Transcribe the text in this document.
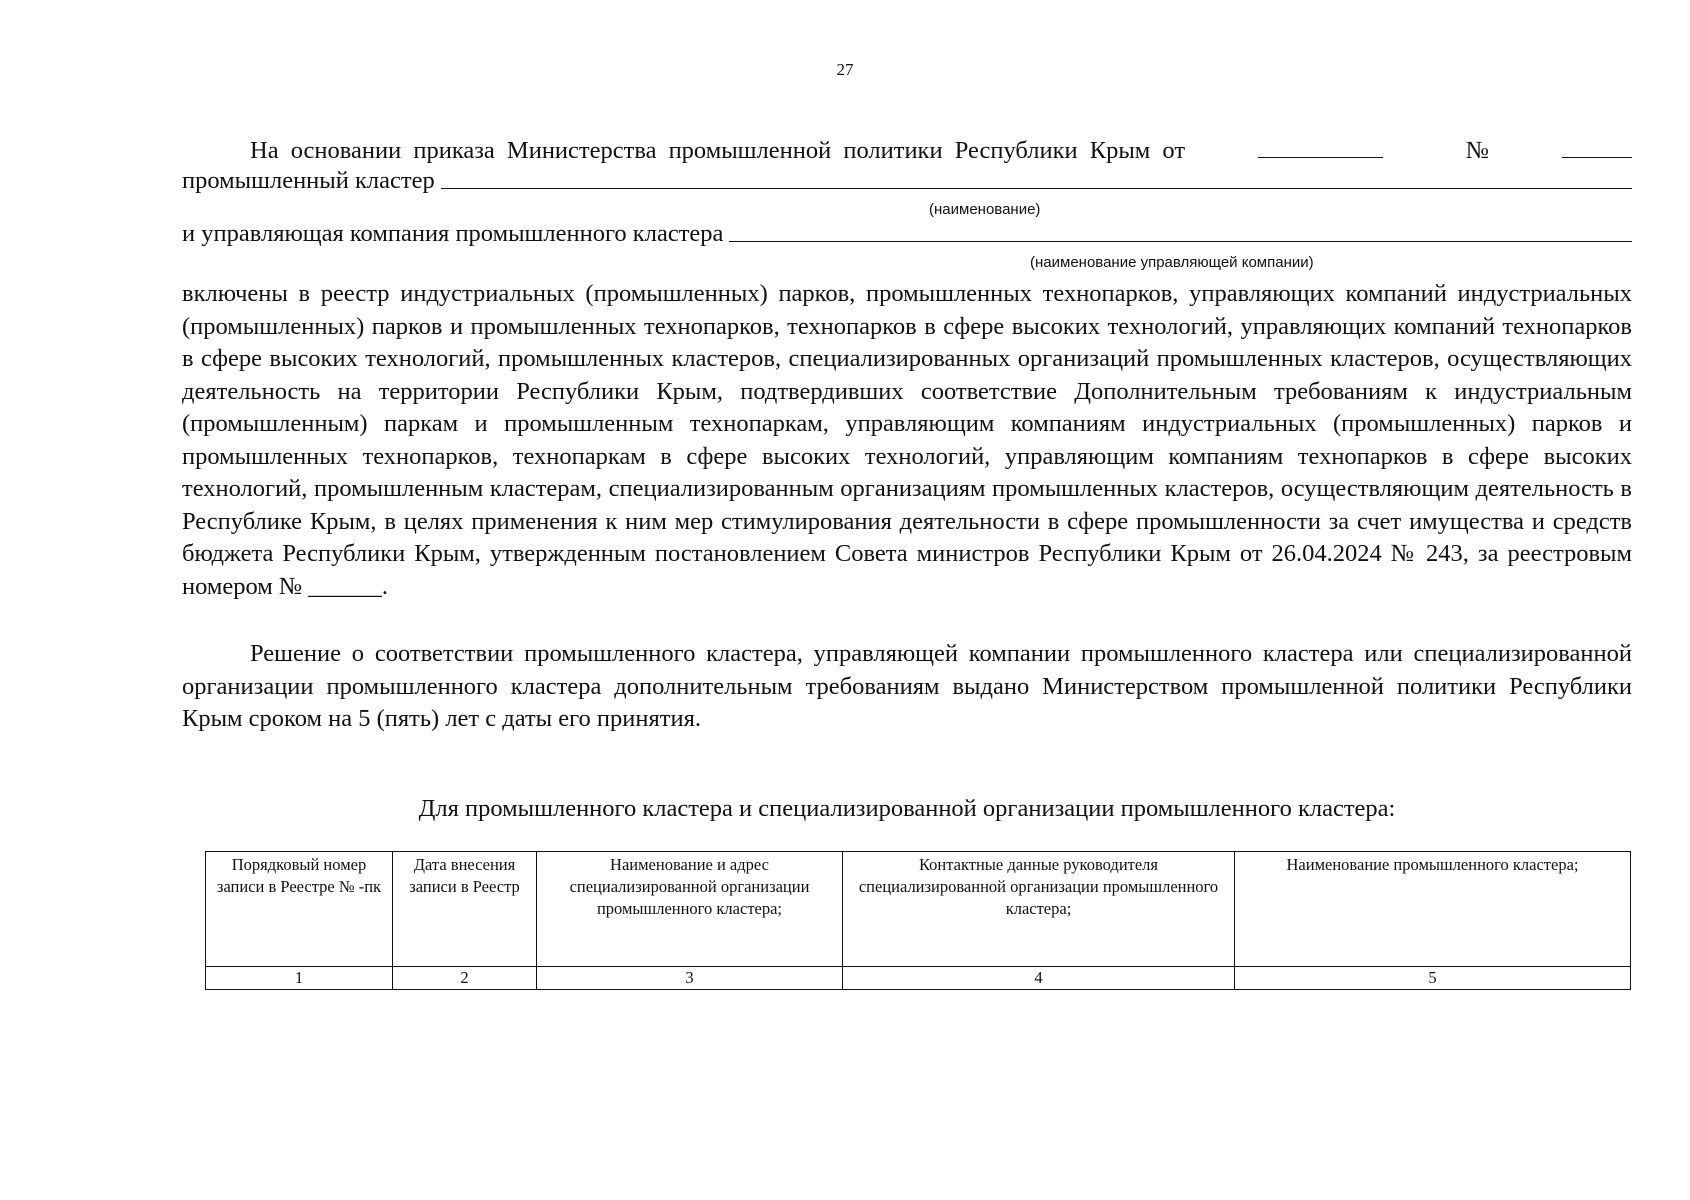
27
На основании приказа Министерства промышленной политики Республики Крым от	№
промышленный кластер
(наименование)
и управляющая компания промышленного кластера
(наименование управляющей компании)
включены в реестр индустриальных (промышленных) парков, промышленных технопарков, управляющих компаний индустриальных (промышленных) парков и промышленных технопарков, технопарков в сфере высоких технологий, управляющих компаний технопарков в сфере высоких технологий, промышленных кластеров, специализированных организаций промышленных кластеров, осуществляющих деятельность на территории Республики Крым, подтвердивших соответствие Дополнительным требованиям к индустриальным (промышленным) паркам и промышленным технопаркам, управляющим компаниям индустриальных (промышленных) парков и промышленных технопарков, технопаркам в сфере высоких технологий, управляющим компаниям технопарков в сфере высоких технологий, промышленным кластерам, специализированным организациям промышленных кластеров, осуществляющим деятельность в Республике Крым, в целях применения к ним мер стимулирования деятельности в сфере промышленности за счет имущества и средств бюджета Республики Крым, утвержденным постановлением Совета министров Республики Крым от 26.04.2024 № 243, за реестровым номером № ______.
Решение о соответствии промышленного кластера, управляющей компании промышленного кластера или специализированной организации промышленного кластера дополнительным требованиям выдано Министерством промышленной политики Республики Крым сроком на 5 (пять) лет с даты его принятия.
Для промышленного кластера и специализированной организации промышленного кластера:
Порядковый номер записи в Реестре № -пк	Дата внесения записи в Реестр	Наименование и адрес специализированной организации промышленного кластера;	Контактные данные руководителя специализированной организации промышленного кластера;	Наименование промышленного кластера;
1	2	3	4	5
